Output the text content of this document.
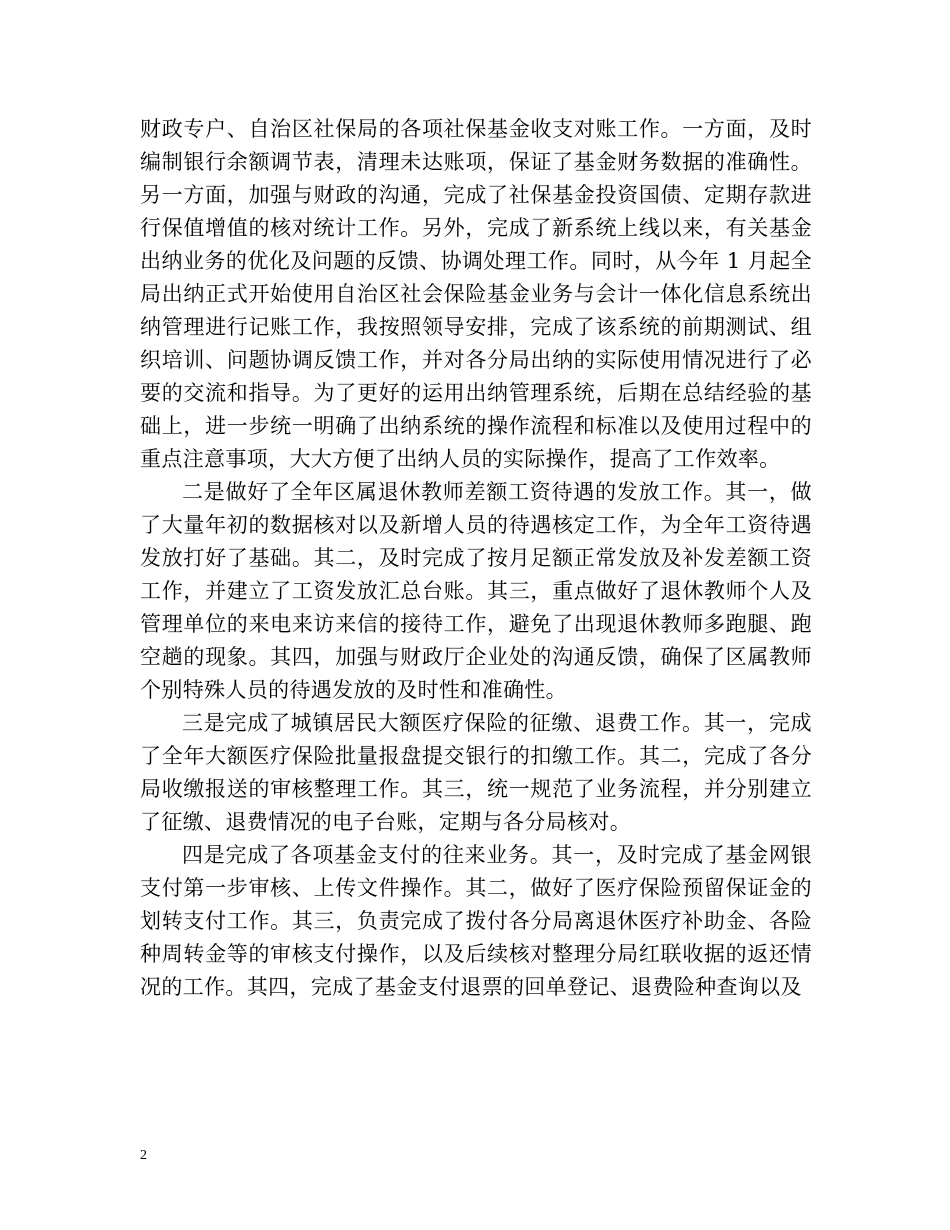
财政专户、自治区社保局的各项社保基金收支对账工作。一方面，及时编制银行余额调节表，清理未达账项，保证了基金财务数据的准确性。另一方面，加强与财政的沟通，完成了社保基金投资国债、定期存款进行保值增值的核对统计工作。另外，完成了新系统上线以来，有关基金出纳业务的优化及问题的反馈、协调处理工作。同时，从今年 1 月起全局出纳正式开始使用自治区社会保险基金业务与会计一体化信息系统出纳管理进行记账工作，我按照领导安排，完成了该系统的前期测试、组织培训、问题协调反馈工作，并对各分局出纳的实际使用情况进行了必要的交流和指导。为了更好的运用出纳管理系统，后期在总结经验的基础上，进一步统一明确了出纳系统的操作流程和标准以及使用过程中的重点注意事项，大大方便了出纳人员的实际操作，提高了工作效率。

二是做好了全年区属退休教师差额工资待遇的发放工作。其一，做了大量年初的数据核对以及新增人员的待遇核定工作，为全年工资待遇发放打好了基础。其二，及时完成了按月足额正常发放及补发差额工资工作，并建立了工资发放汇总台账。其三，重点做好了退休教师个人及管理单位的来电来访来信的接待工作，避免了出现退休教师多跑腿、跑空趟的现象。其四，加强与财政厅企业处的沟通反馈，确保了区属教师个别特殊人员的待遇发放的及时性和准确性。

三是完成了城镇居民大额医疗保险的征缴、退费工作。其一，完成了全年大额医疗保险批量报盘提交银行的扣缴工作。其二，完成了各分局收缴报送的审核整理工作。其三，统一规范了业务流程，并分别建立了征缴、退费情况的电子台账，定期与各分局核对。

四是完成了各项基金支付的往来业务。其一，及时完成了基金网银支付第一步审核、上传文件操作。其二，做好了医疗保险预留保证金的划转支付工作。其三，负责完成了拨付各分局离退休医疗补助金、各险种周转金等的审核支付操作，以及后续核对整理分局红联收据的返还情况的工作。其四，完成了基金支付退票的回单登记、退费险种查询以及

2
